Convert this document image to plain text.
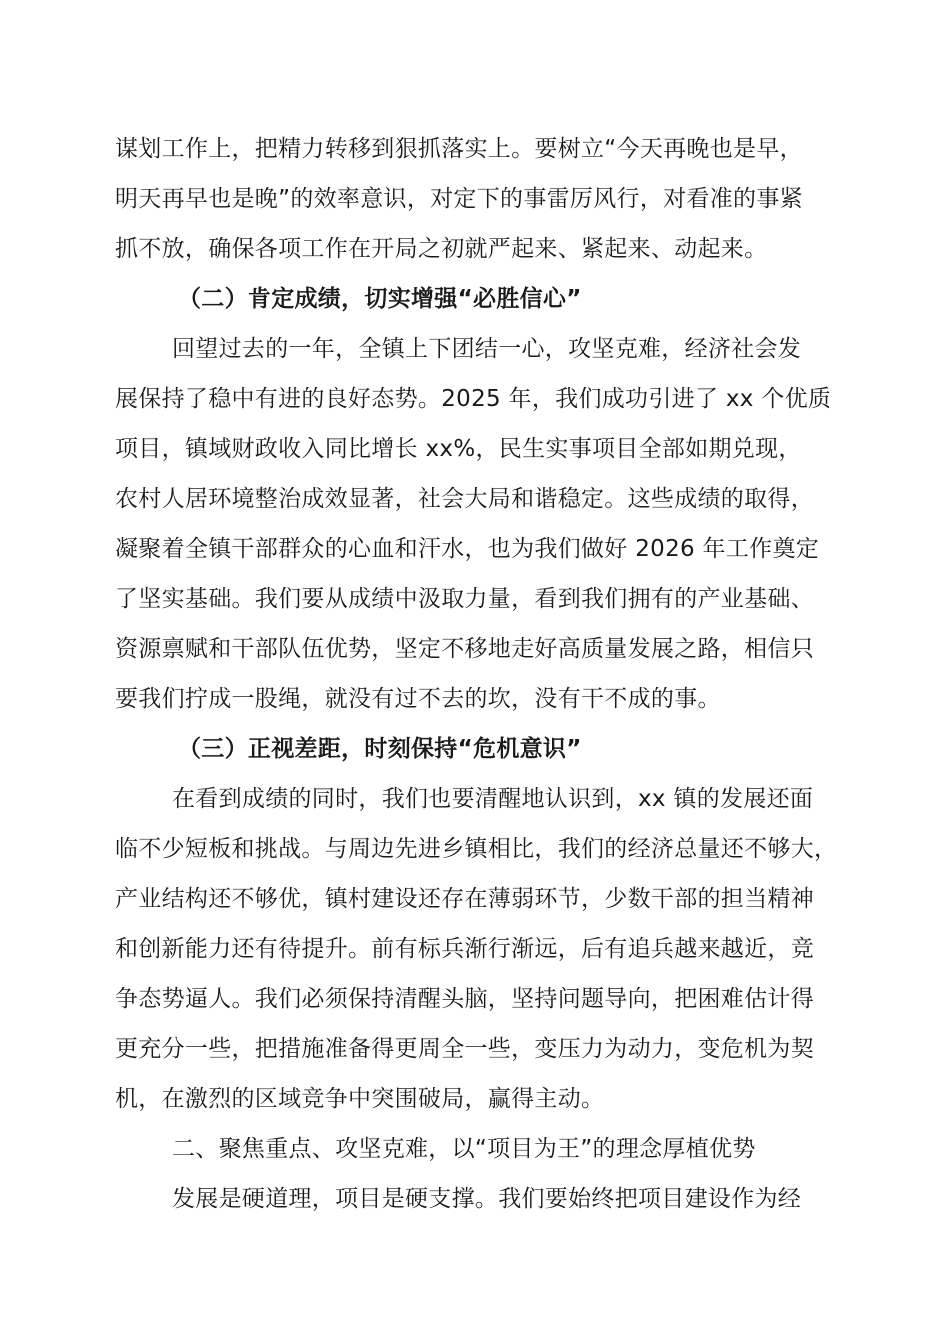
谋划工作上，把精力转移到狠抓落实上。要树立“今天再晚也是早，
明天再早也是晚”的效率意识，对定下的事雷厉风行，对看准的事紧
抓不放，确保各项工作在开局之初就严起来、紧起来、动起来。
（二）肯定成绩，切实增强“必胜信心”
回望过去的一年，全镇上下团结一心，攻坚克难，经济社会发
展保持了稳中有进的良好态势。2025 年，我们成功引进了 xx 个优质
项目，镇域财政收入同比增长 xx%，民生实事项目全部如期兑现，
农村人居环境整治成效显著，社会大局和谐稳定。这些成绩的取得，
凝聚着全镇干部群众的心血和汗水，也为我们做好 2026 年工作奠定
了坚实基础。我们要从成绩中汲取力量，看到我们拥有的产业基础、
资源禀赋和干部队伍优势，坚定不移地走好高质量发展之路，相信只
要我们拧成一股绳，就没有过不去的坎，没有干不成的事。
（三）正视差距，时刻保持“危机意识”
在看到成绩的同时，我们也要清醒地认识到，xx 镇的发展还面
临不少短板和挑战。与周边先进乡镇相比，我们的经济总量还不够大，
产业结构还不够优，镇村建设还存在薄弱环节，少数干部的担当精神
和创新能力还有待提升。前有标兵渐行渐远，后有追兵越来越近，竞
争态势逼人。我们必须保持清醒头脑，坚持问题导向，把困难估计得
更充分一些，把措施准备得更周全一些，变压力为动力，变危机为契
机，在激烈的区域竞争中突围破局，赢得主动。
二、聚焦重点、攻坚克难，以“项目为王”的理念厚植优势
发展是硬道理，项目是硬支撑。我们要始终把项目建设作为经
